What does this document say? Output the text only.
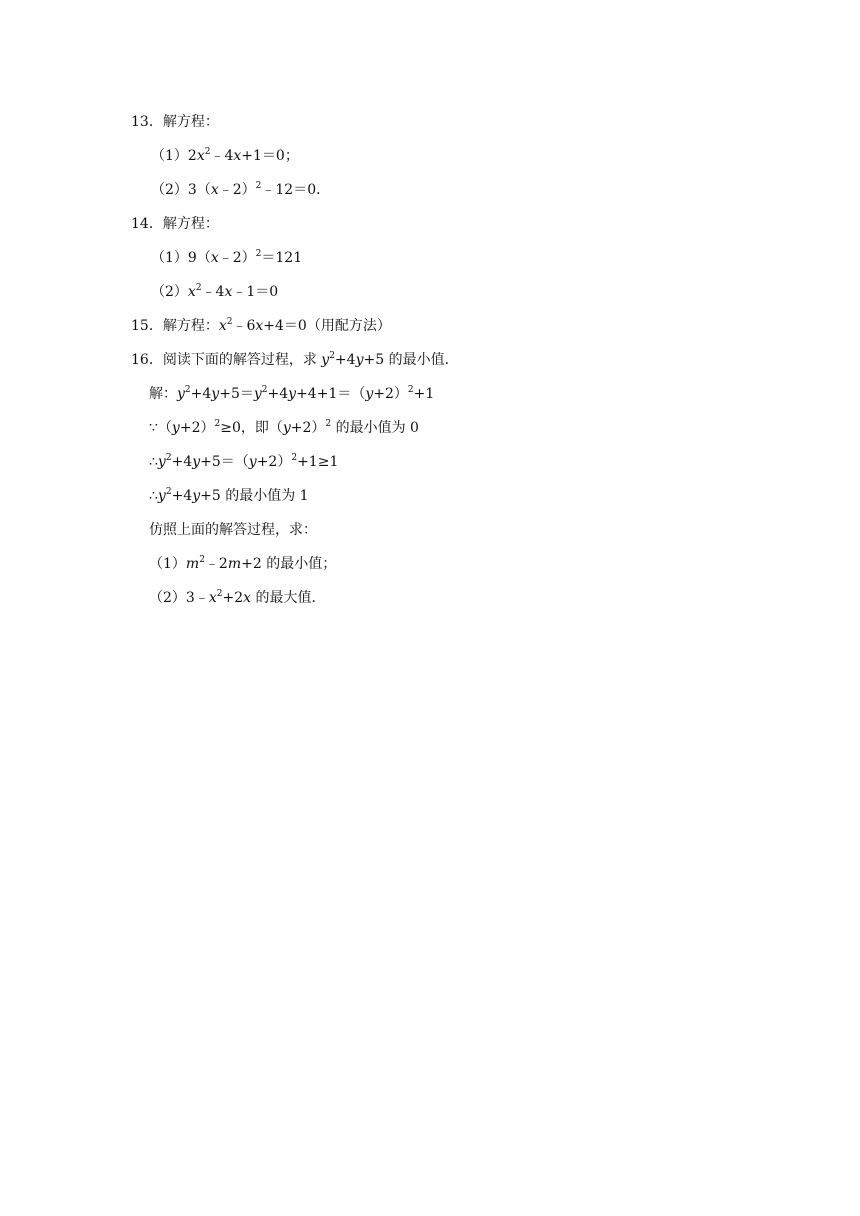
13．解方程：
$(1)2x^2﹣4x+1=0$；
（2）3（x﹣2）$^2$﹣12＝0．
14．解方程：
（1）9（x﹣2）$^2$＝121
$(2)x^2﹣4x﹣1=0$
15．解方程：$x^2﹣6x+4=0$（用配方法）
16．阅读下面的解答过程，求 $y^2+4y+5$ 的最小值．
解：$y^2+4y+5=y^2+4y+4+1=(y+2)^2+1$
$\because(y+2)^2\ge 0$，即$(y+2)^2$ 的最小值为 0
$\therefore y^2+4y+5=(y+2)^2+1\ge 1$
$\therefore y^2+4y+5$ 的最小值为 1
仿照上面的解答过程，求：
$(1)m^2﹣2m+2$ 的最小值；
$(2)3﹣x^2+2x$ 的最大值．
